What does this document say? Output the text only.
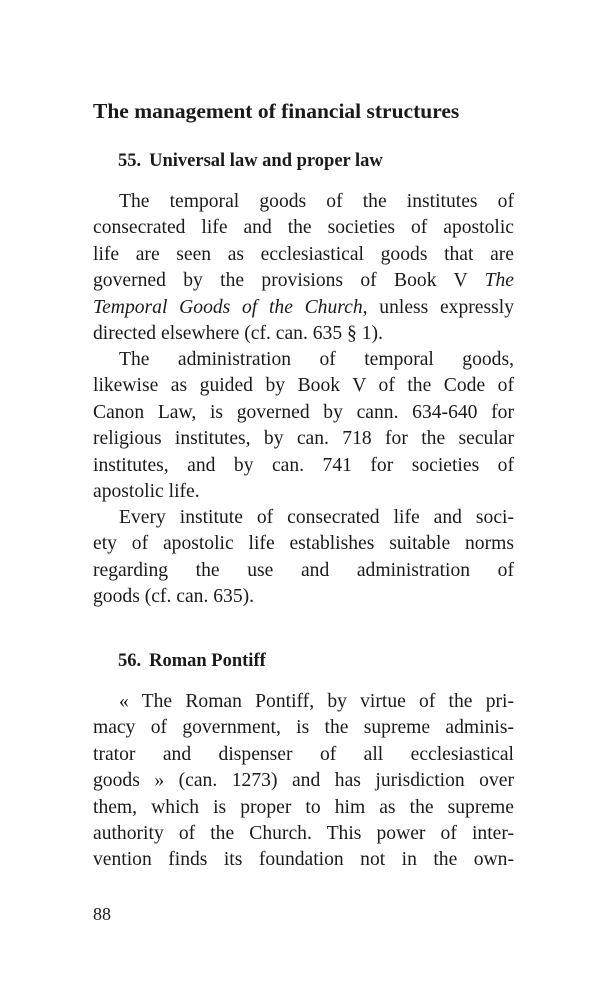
The management of financial structures
55. Universal law and proper law
The temporal goods of the institutes of
consecrated life and the societies of apostolic
life are seen as ecclesiastical goods that are
governed by the provisions of Book V The
Temporal Goods of the Church, unless expressly
directed elsewhere (cf. can. 635 § 1).
The administration of temporal goods,
likewise as guided by Book V of the Code of
Canon Law, is governed by cann. 634-640 for
religious institutes, by can. 718 for the secular
institutes, and by can. 741 for societies of
apostolic life.
Every institute of consecrated life and soci-
ety of apostolic life establishes suitable norms
regarding the use and administration of
goods (cf. can. 635).
56. Roman Pontiff
« The Roman Pontiff, by virtue of the pri-
macy of government, is the supreme adminis-
trator and dispenser of all ecclesiastical
goods » (can. 1273) and has jurisdiction over
them, which is proper to him as the supreme
authority of the Church. This power of inter-
vention finds its foundation not in the own-

88
